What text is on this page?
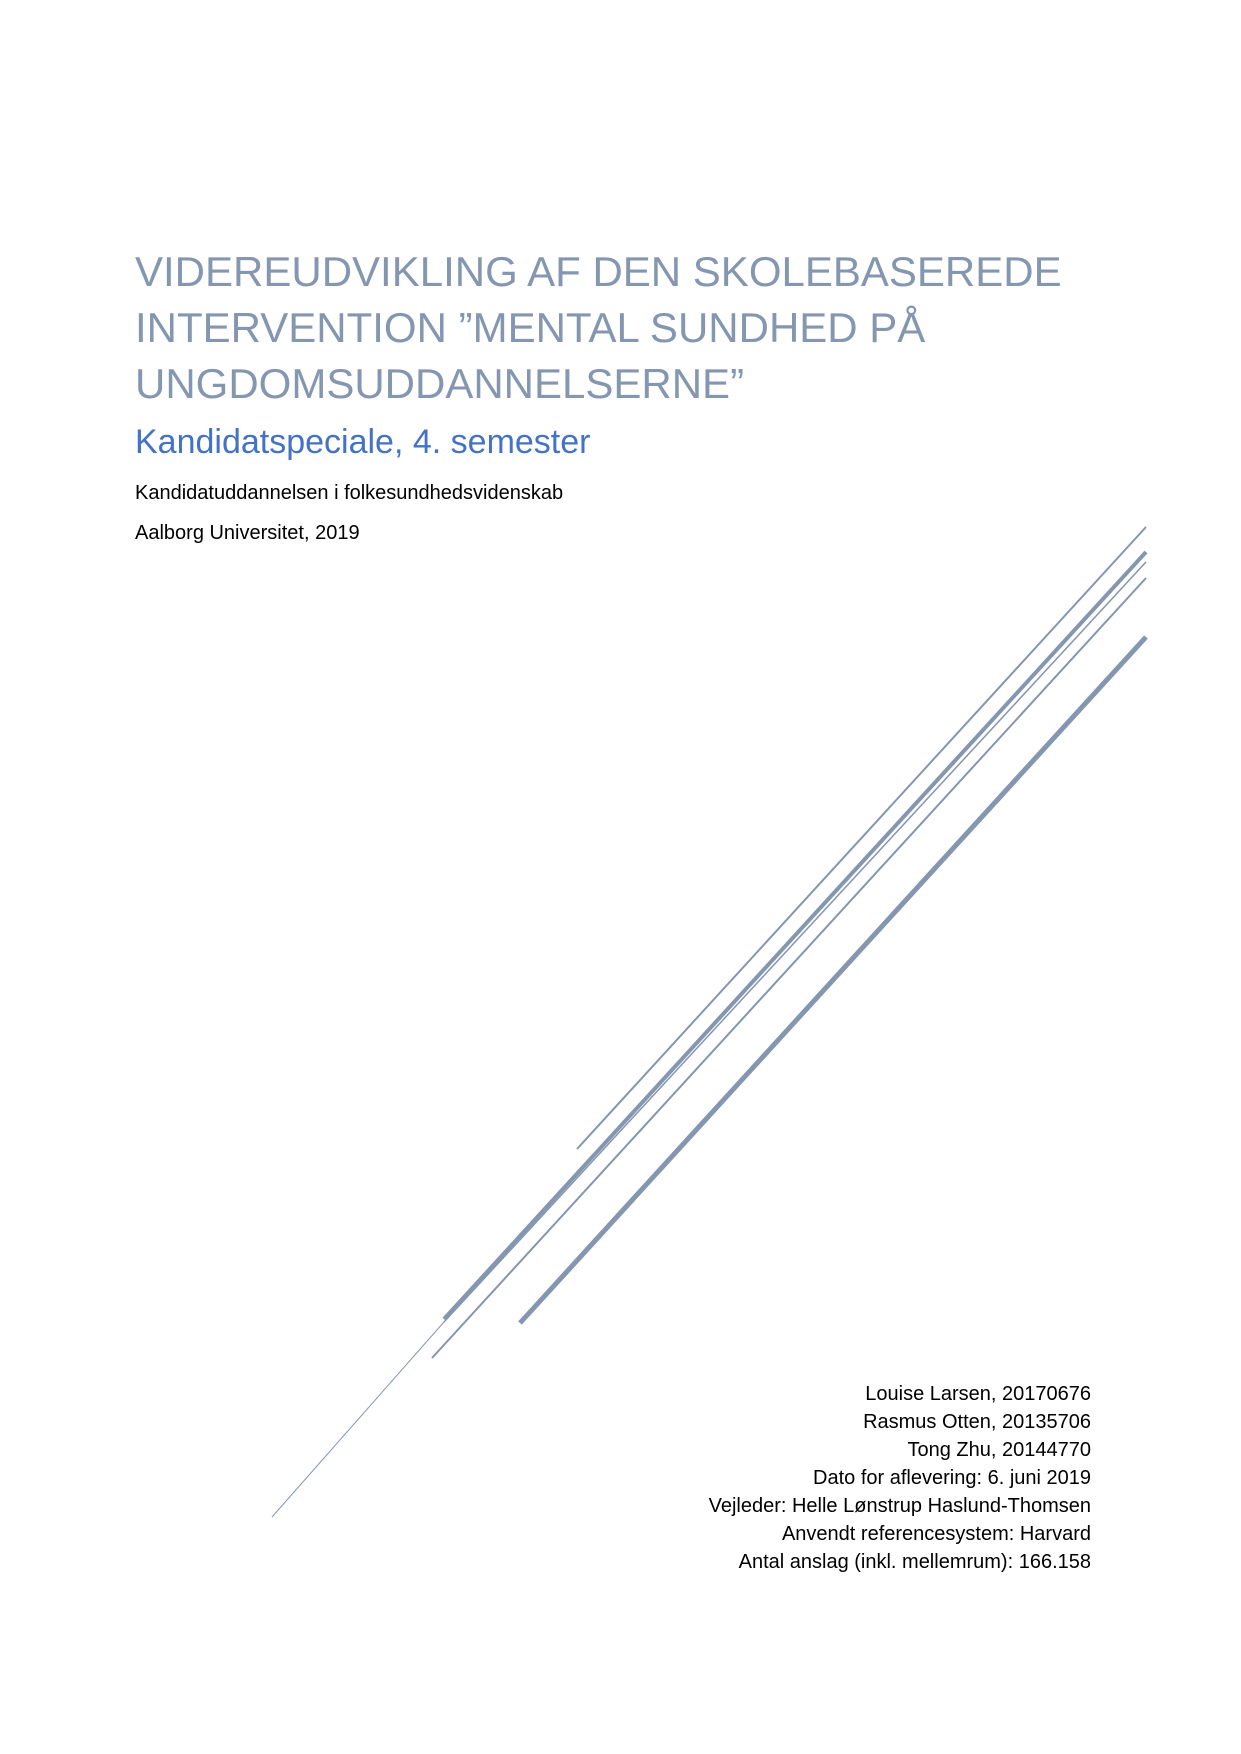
VIDEREUDVIKLING AF DEN SKOLEBASEREDE
INTERVENTION ”MENTAL SUNDHED PÅ
UNGDOMSUDDANNELSERNE”
Kandidatspeciale, 4. semester
Kandidatuddannelsen i folkesundhedsvidenskab
Aalborg Universitet, 2019
Louise Larsen, 20170676
Rasmus Otten, 20135706
Tong Zhu, 20144770
Dato for aflevering: 6. juni 2019
Vejleder: Helle Lønstrup Haslund-Thomsen
Anvendt referencesystem: Harvard
Antal anslag (inkl. mellemrum): 166.158
